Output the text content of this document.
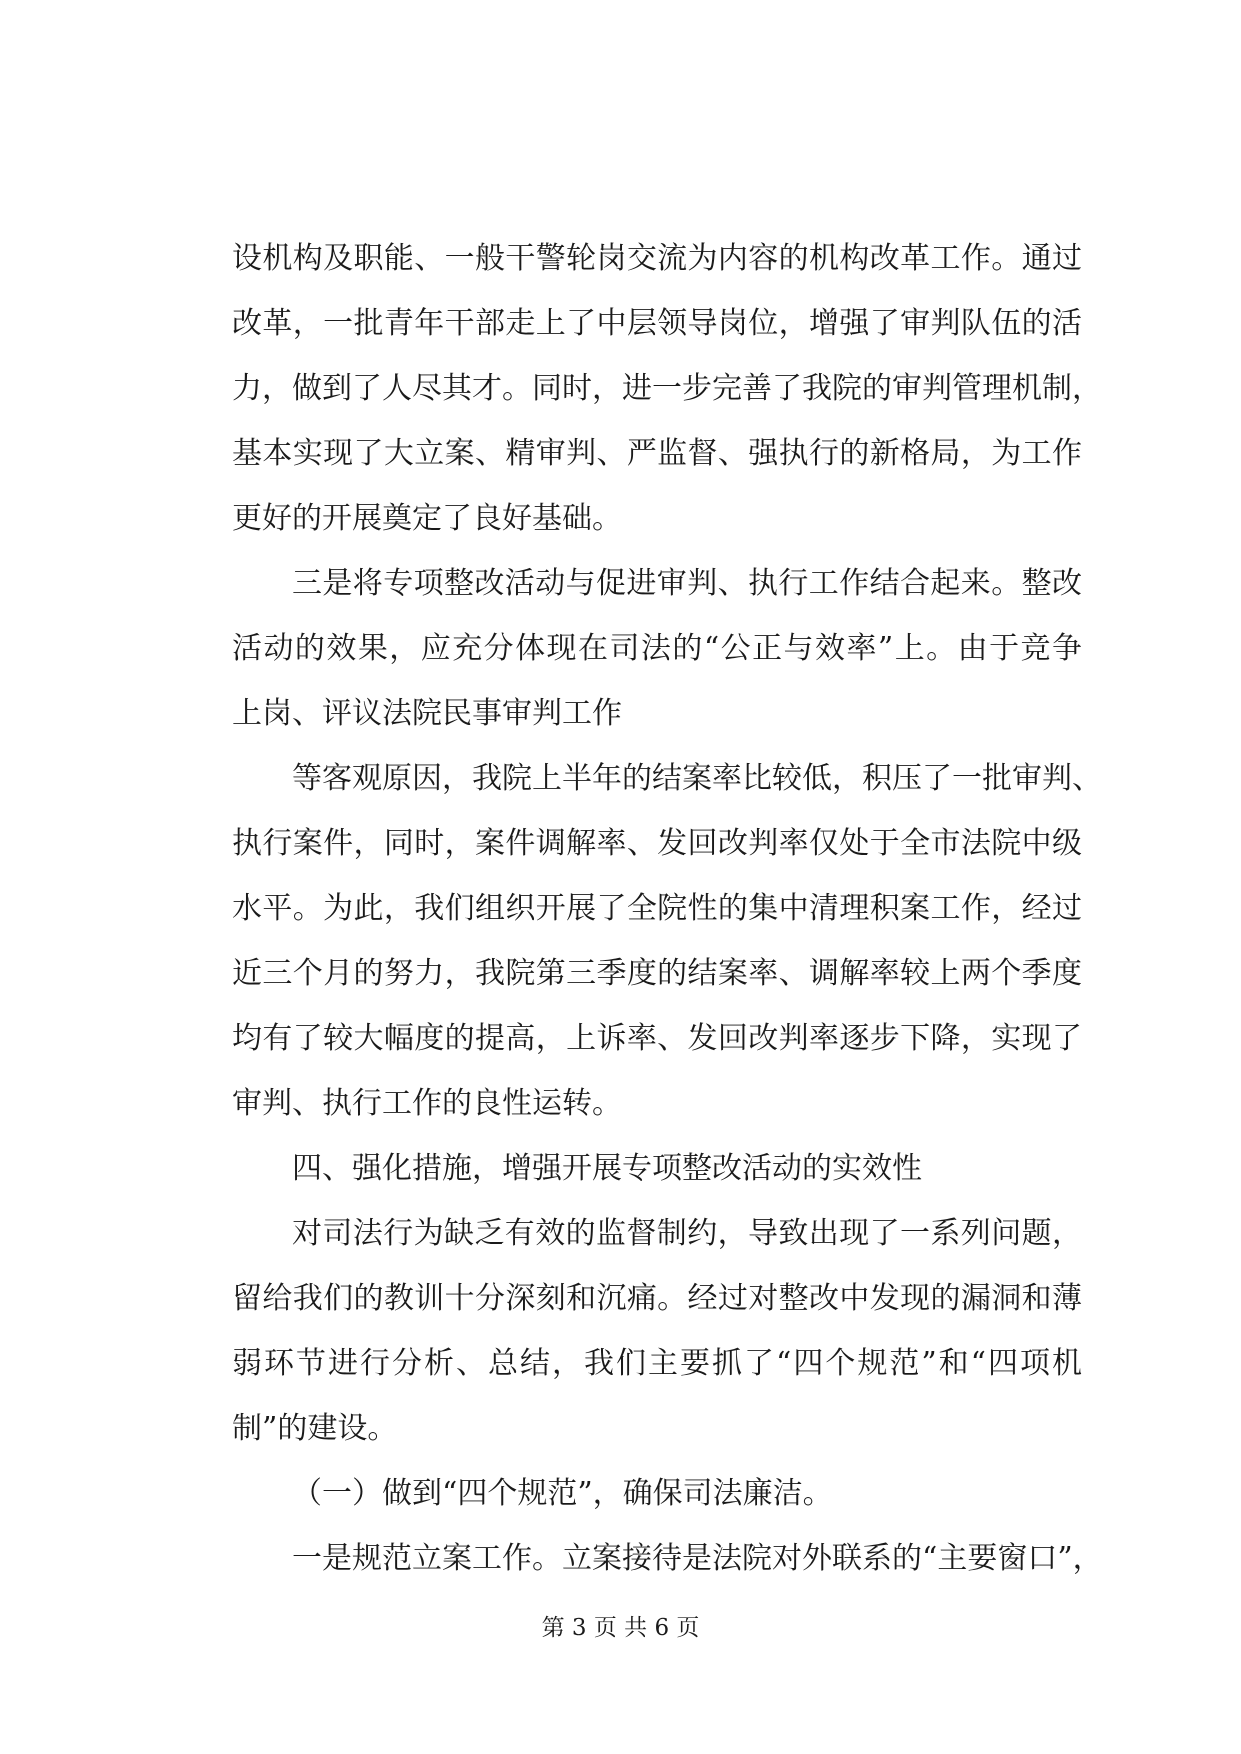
设机构及职能、一般干警轮岗交流为内容的机构改革工作。通过
改革，一批青年干部走上了中层领导岗位，增强了审判队伍的活
力，做到了人尽其才。同时，进一步完善了我院的审判管理机制，
基本实现了大立案、精审判、严监督、强执行的新格局，为工作
更好的开展奠定了良好基础。
三是将专项整改活动与促进审判、执行工作结合起来。整改
活动的效果，应充分体现在司法的“公正与效率”上。由于竞争
上岗、评议法院民事审判工作
等客观原因，我院上半年的结案率比较低，积压了一批审判、
执行案件，同时，案件调解率、发回改判率仅处于全市法院中级
水平。为此，我们组织开展了全院性的集中清理积案工作，经过
近三个月的努力，我院第三季度的结案率、调解率较上两个季度
均有了较大幅度的提高，上诉率、发回改判率逐步下降，实现了
审判、执行工作的良性运转。
四、强化措施，增强开展专项整改活动的实效性
对司法行为缺乏有效的监督制约，导致出现了一系列问题，
留给我们的教训十分深刻和沉痛。经过对整改中发现的漏洞和薄
弱环节进行分析、总结，我们主要抓了“四个规范”和“四项机
制”的建设。
（一）做到“四个规范”，确保司法廉洁。
一是规范立案工作。立案接待是法院对外联系的“主要窗口”，
第 3 页 共 6 页
